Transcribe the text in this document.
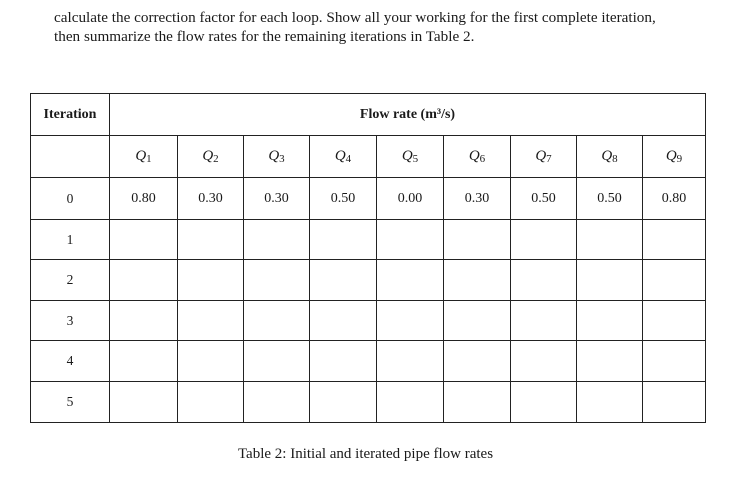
calculate the correction factor for each loop. Show all your working for the first complete iteration,
then summarize the flow rates for the remaining iterations in Table 2.

Iteration	Flow rate (m³/s)								
	$Q_1$	$Q_2$	$Q_3$	$Q_4$	$Q_5$	$Q_6$	$Q_7$	$Q_8$	$Q_9$
0	0.80	0.30	0.30	0.50	0.00	0.30	0.50	0.50	0.80
1									
2									
3									
4									
5									

Table 2: Initial and iterated pipe flow rates
